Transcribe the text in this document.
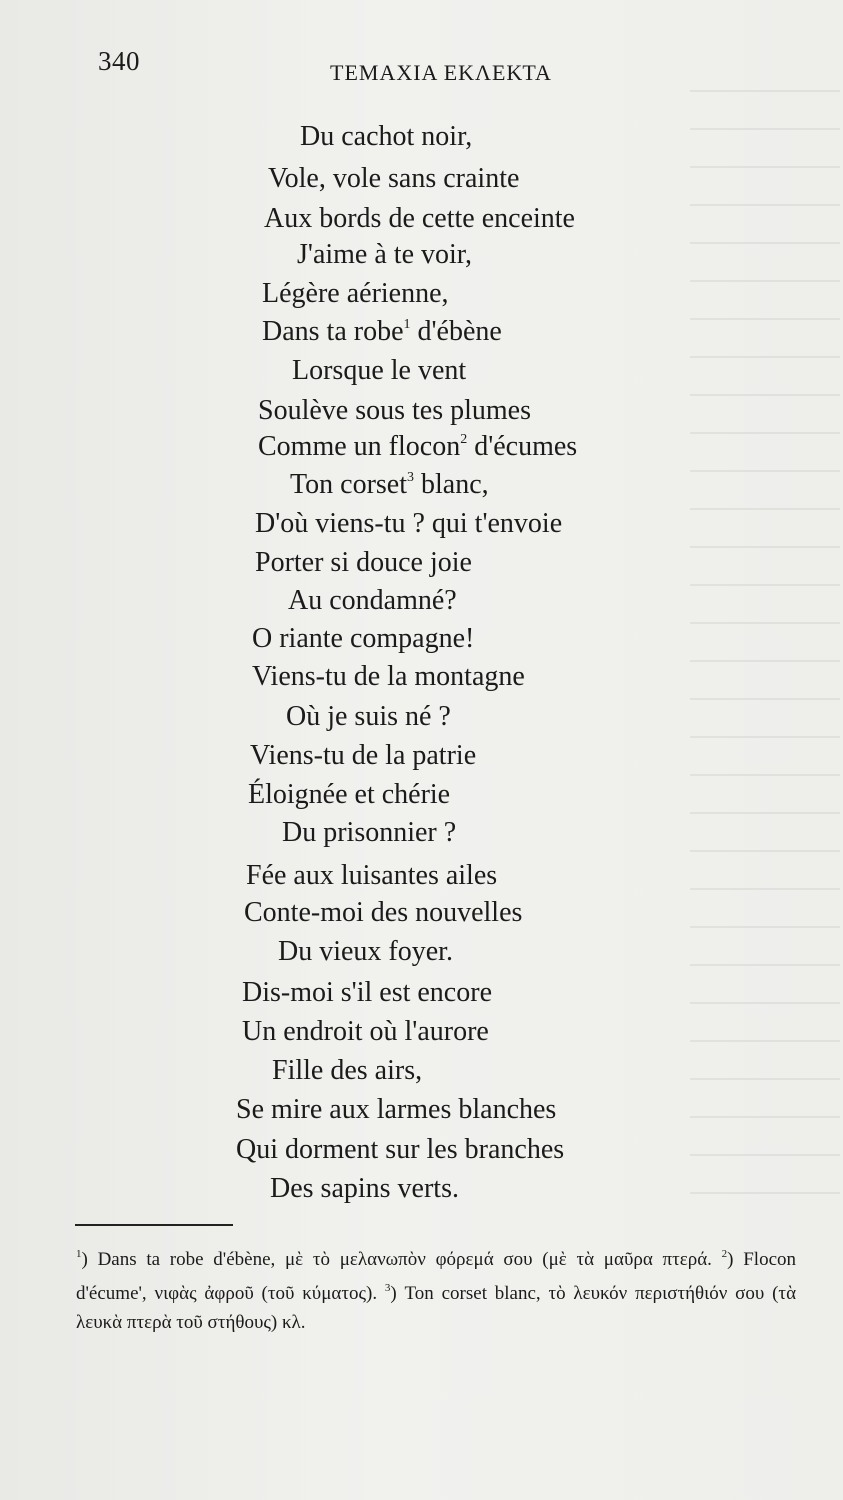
340	ΤΕΜΑΧΙΑ ΕΚΛΕΚΤΑ
Du cachot noir,
Vole, vole sans crainte
Aux bords de cette enceinte
J'aime à te voir,
Légère aérienne,
Dans ta robe$^1$ d'ébène
Lorsque le vent
Soulève sous tes plumes
Comme un flocon$^2$ d'écumes
Ton corset$^3$ blanc,
D'où viens-tu ? qui t'envoie
Porter si douce joie
Au condamné?
O riante compagne!
Viens-tu de la montagne
Où je suis né ?
Viens-tu de la patrie
Éloignée et chérie
Du prisonnier ?
Fée aux luisantes ailes
Conte-moi des nouvelles
Du vieux foyer.
Dis-moi s'il est encore
Un endroit où l'aurore
Fille des airs,
Se mire aux larmes blanches
Qui dorment sur les branches
Des sapins verts.
$^1$) Dans ta robe d'ébène, μὲ τὸ μελανωπὸν φόρεμά σου (μὲ τὰ μαῦρα πτερά. $^2$) Flocon d'écume', νιφὰς ἀφροῦ (τοῦ κύματος). $^3$) Ton corset blanc, τὸ λευκόν περιστήθιόν σου (τὰ λευκὰ πτερὰ τοῦ στήθους) κλ.
